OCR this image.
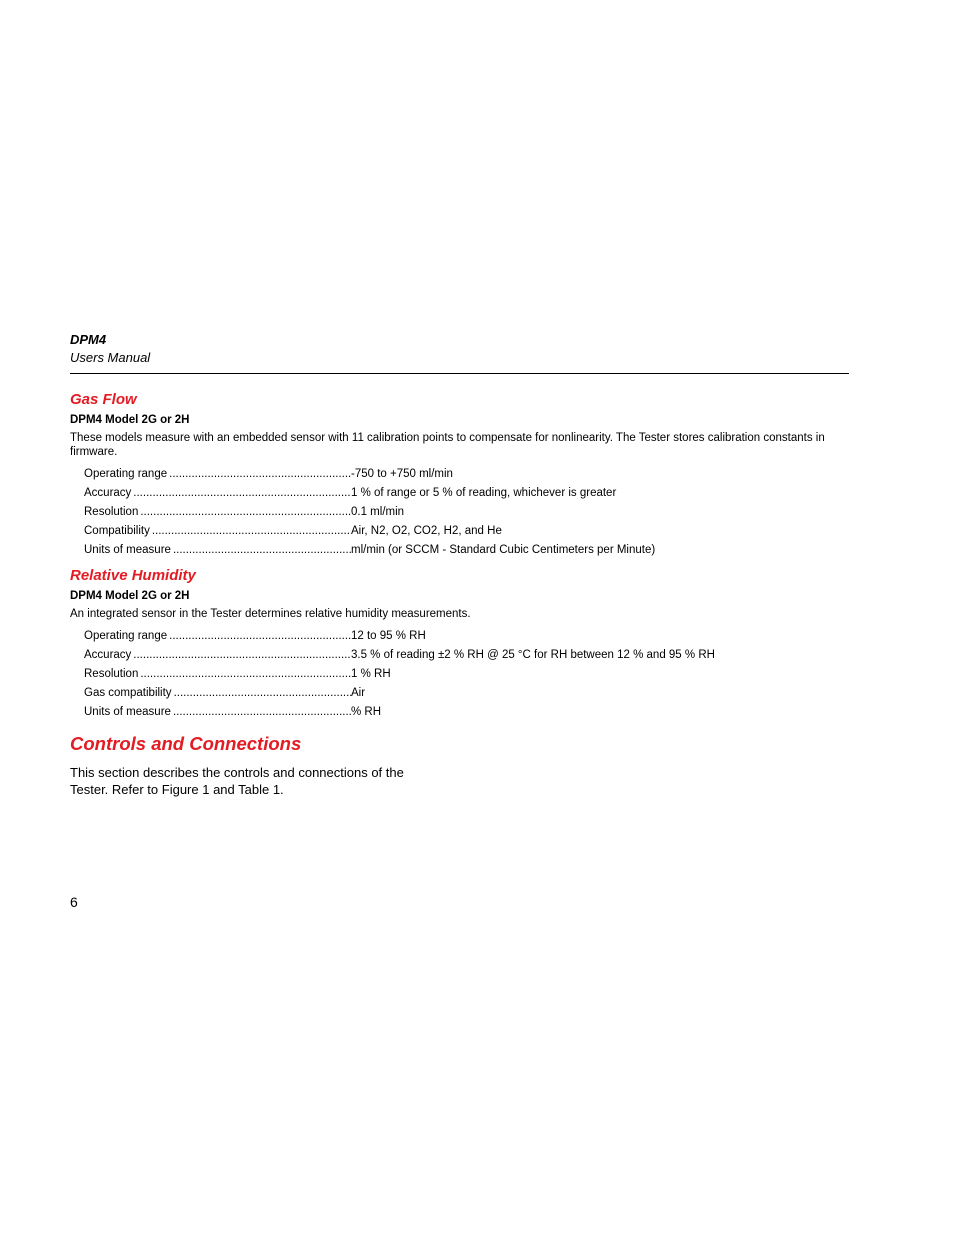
DPM4
Users Manual
Gas Flow
DPM4 Model 2G or 2H
These models measure with an embedded sensor with 11 calibration points to compensate for nonlinearity. The Tester stores calibration constants in firmware.
Operating range .....	-750 to +750 ml/min
Accuracy .....	1 % of range or 5 % of reading, whichever is greater
Resolution .....	0.1 ml/min
Compatibility .....	Air, N2, O2, CO2, H2, and He
Units of measure .....	ml/min (or SCCM - Standard Cubic Centimeters per Minute)
Relative Humidity
DPM4 Model 2G or 2H
An integrated sensor in the Tester determines relative humidity measurements.
Operating range .....	12 to 95 % RH
Accuracy .....	3.5 % of reading ±2 % RH @ 25 °C for RH between 12 % and 95 % RH
Resolution .....	1 % RH
Gas compatibility .....	Air
Units of measure .....	% RH
Controls and Connections
This section describes the controls and connections of the Tester. Refer to Figure 1 and Table 1.
6
